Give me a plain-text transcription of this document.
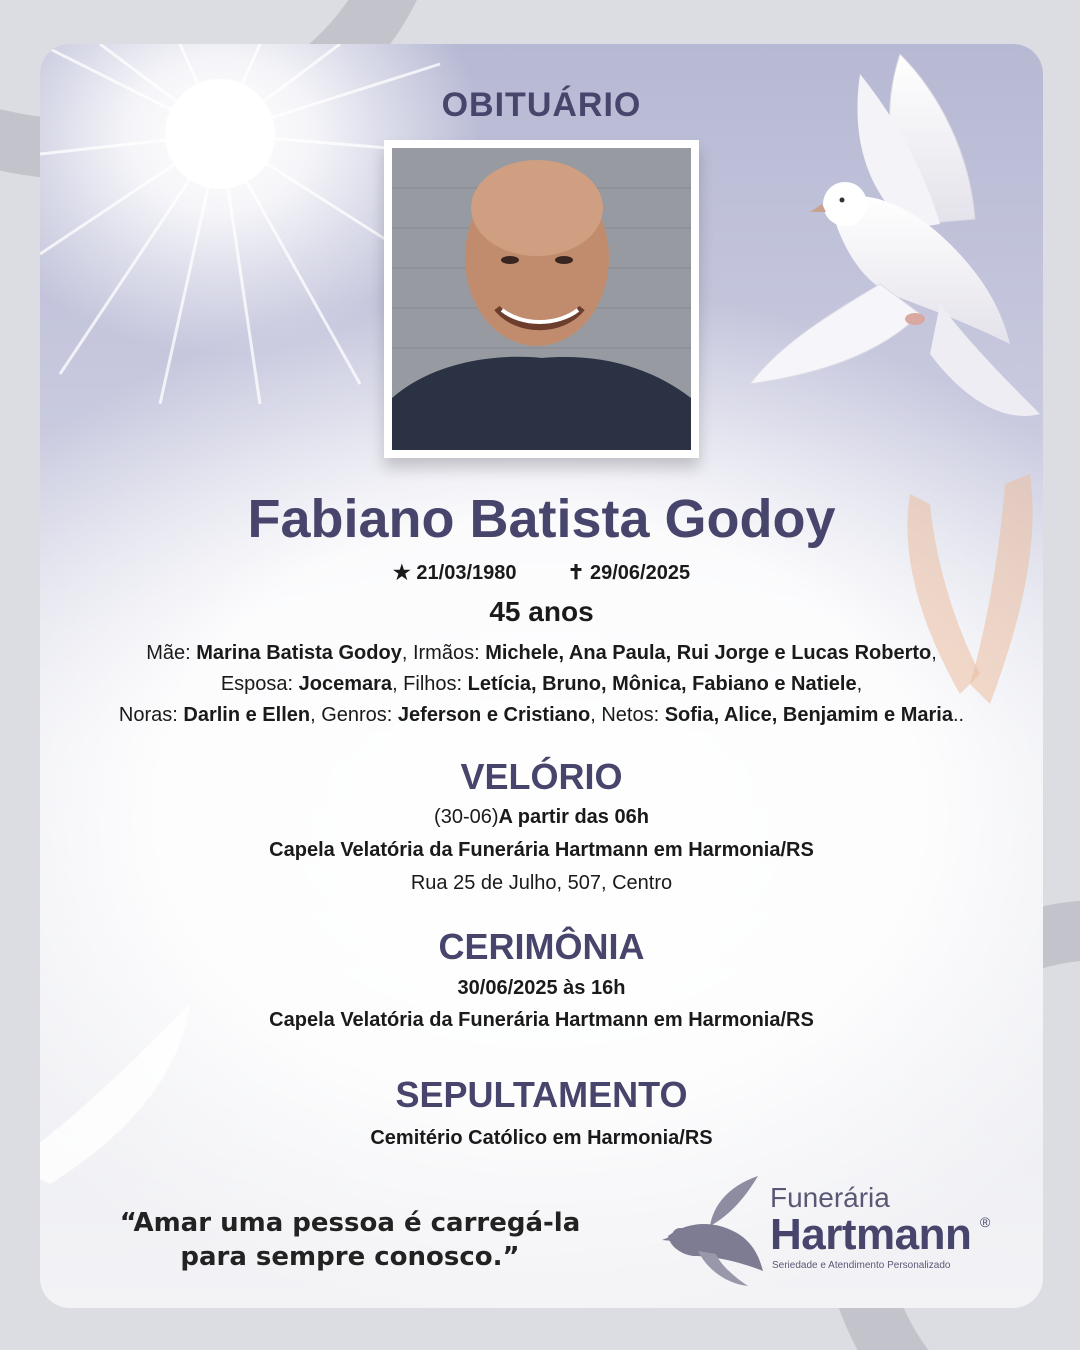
OBITUÁRIO
Fabiano Batista Godoy
★ 21/03/1980	✝ 29/06/2025
45 anos
Mãe: Marina Batista Godoy, Irmãos: Michele, Ana Paula, Rui Jorge e Lucas Roberto,
Esposa: Jocemara, Filhos: Letícia, Bruno, Mônica, Fabiano e Natiele,
Noras: Darlin e Ellen, Genros: Jeferson e Cristiano, Netos: Sofia, Alice, Benjamim e Maria..
VELÓRIO
(30-06)A partir das 06h
Capela Velatória da Funerária Hartmann em Harmonia/RS
Rua 25 de Julho, 507, Centro
CERIMÔNIA
30/06/2025 às 16h
Capela Velatória da Funerária Hartmann em Harmonia/RS
SEPULTAMENTO
Cemitério Católico em Harmonia/RS
“Amar uma pessoa é carregá-la
para sempre conosco.”
Funerária
Hartmann ®
Seriedade e Atendimento Personalizado
